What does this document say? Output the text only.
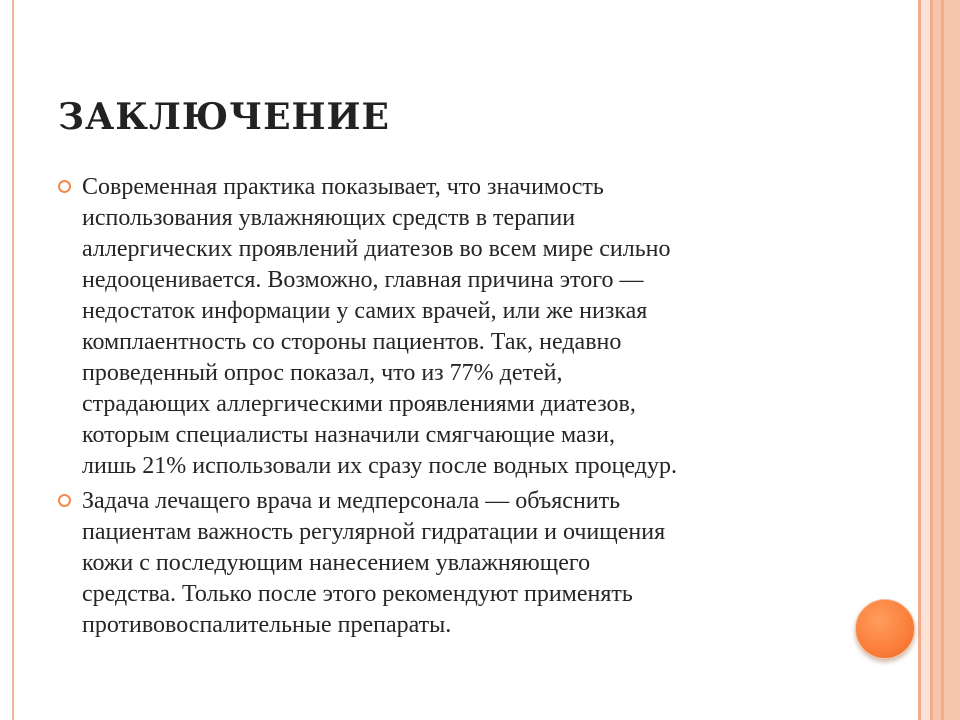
ЗАКЛЮЧЕНИЕ
Современная практика показывает, что значимость
использования увлажняющих средств в терапии
аллергических проявлений диатезов во всем мире сильно
недооценивается. Возможно, главная причина этого —
недостаток информации у самих врачей, или же низкая
комплаентность со стороны пациентов. Так, недавно
проведенный опрос показал, что из 77% детей,
страдающих аллергическими проявлениями диатезов,
которым специалисты назначили смягчающие мази,
лишь 21% использовали их сразу после водных процедур.
Задача лечащего врача и медперсонала — объяснить
пациентам важность регулярной гидратации и очищения
кожи с последующим нанесением увлажняющего
средства. Только после этого рекомендуют применять
противовоспалительные препараты.
